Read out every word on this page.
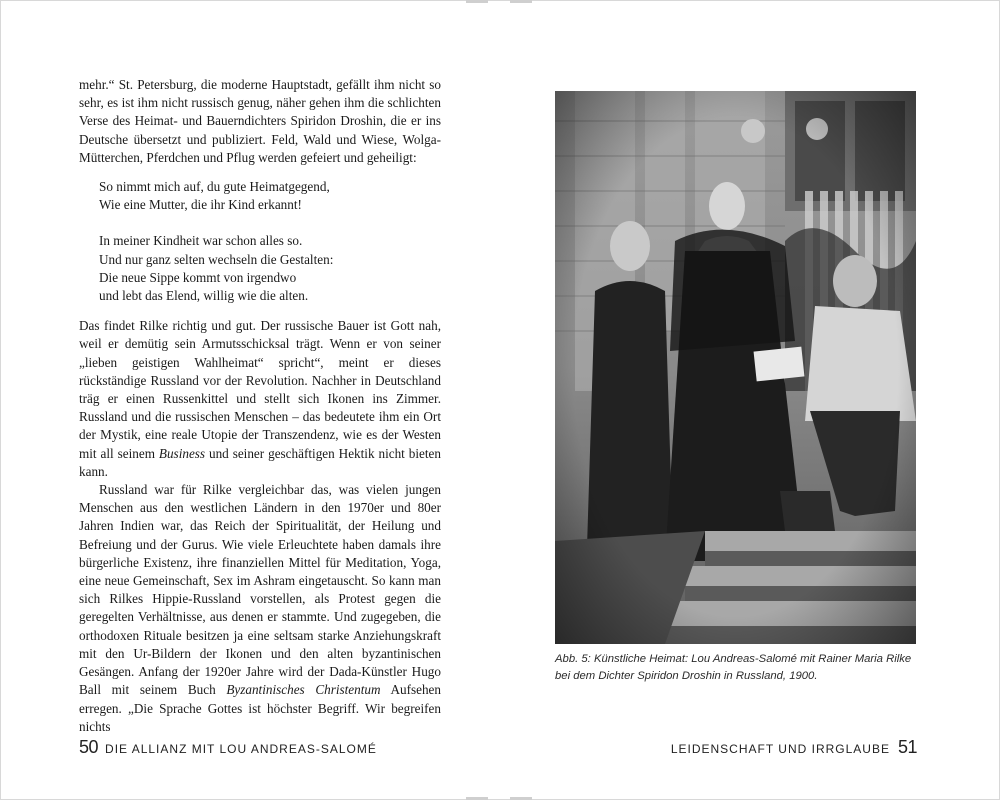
mehr.“ St. Petersburg, die moderne Hauptstadt, gefällt ihm nicht so sehr, es ist ihm nicht russisch genug, näher gehen ihm die schlichten Verse des Heimat- und Bauerndichters Spiridon Droshin, die er ins Deutsche übersetzt und publiziert. Feld, Wald und Wiese, Wolga-Mütterchen, Pferdchen und Pflug werden gefeiert und geheiligt:

So nimmt mich auf, du gute Heimatgegend,
Wie eine Mutter, die ihr Kind erkannt!
In meiner Kindheit war schon alles so.
Und nur ganz selten wechseln die Gestalten:
Die neue Sippe kommt von irgendwo
und lebt das Elend, willig wie die alten.

Das findet Rilke richtig und gut. Der russische Bauer ist Gott nah, weil er demütig sein Armutsschicksal trägt. Wenn er von seiner „lieben geistigen Wahlheimat“ spricht“, meint er dieses rückständige Russland vor der Revolution. Nachher in Deutschland träg er einen Russenkittel und stellt sich Ikonen ins Zimmer. Russland und die russischen Menschen – das bedeutete ihm ein Ort der Mystik, eine reale Utopie der Transzendenz, wie es der Westen mit all seinem Business und seiner geschäftigen Hektik nicht bieten kann.

Russland war für Rilke vergleichbar das, was vielen jungen Menschen aus den westlichen Ländern in den 1970er und 80er Jahren Indien war, das Reich der Spiritualität, der Heilung und Befreiung und der Gurus. Wie viele Erleuchtete haben damals ihre bürgerliche Existenz, ihre finanziellen Mittel für Meditation, Yoga, eine neue Gemeinschaft, Sex im Ashram eingetauscht. So kann man sich Rilkes Hippie-Russland vorstellen, als Protest gegen die geregelten Verhältnisse, aus denen er stammte. Und zugegeben, die orthodoxen Rituale besitzen ja eine seltsam starke Anziehungskraft mit den Ur-Bildern der Ikonen und den alten byzantinischen Gesängen. Anfang der 1920er Jahre wird der Dada-Künstler Hugo Ball mit seinem Buch Byzantinisches Christentum Aufsehen erregen. „Die Sprache Gottes ist höchster Begriff. Wir begreifen nichts

50 DIE ALLIANZ MIT LOU ANDREAS-SALOMÉ
Abb. 5: Künstliche Heimat: Lou Andreas-Salomé mit Rainer Maria Rilke bei dem Dichter Spiridon Droshin in Russland, 1900.
LEIDENSCHAFT UND IRRGLAUBE 51
